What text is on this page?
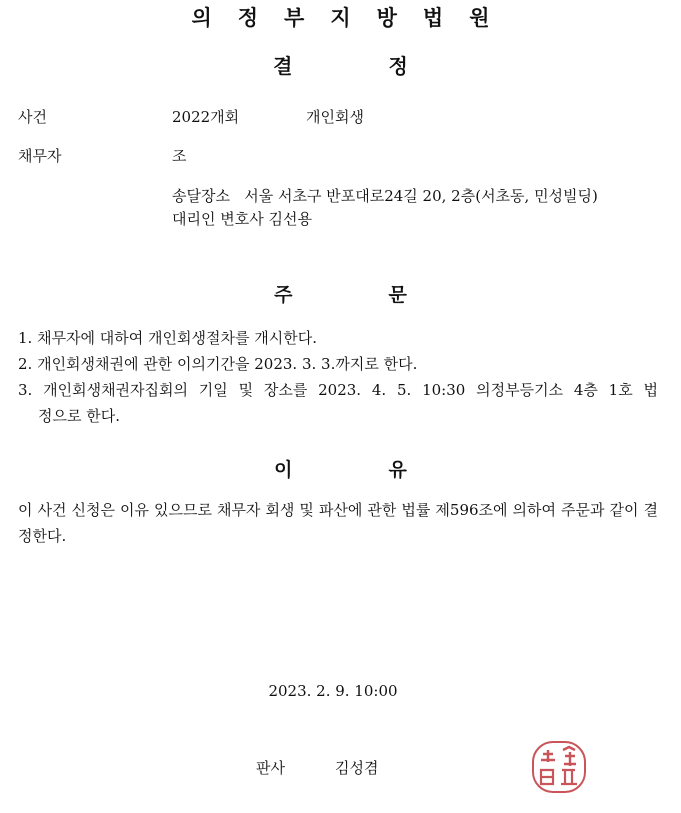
의정부지방법원
결	정
사건	2022개회	개인회생
채무자	조
송달장소   서울 서초구 반포대로24길 20, 2층(서초동, 민성빌딩)
대리인 변호사 김선용
주	문
1. 채무자에 대하여 개인회생절차를 개시한다.
2. 개인회생채권에 관한 이의기간을 2023. 3. 3.까지로 한다.
3. 개인회생채권자집회의 기일 및 장소를 2023. 4. 5. 10:30 의정부등기소 4층 1호 법
정으로 한다.
이	유
이 사건 신청은 이유 있으므로 채무자 회생 및 파산에 관한 법률 제596조에 의하여 주문과 같이 결정한다.
2023. 2. 9. 10:00
판사	김성겸
